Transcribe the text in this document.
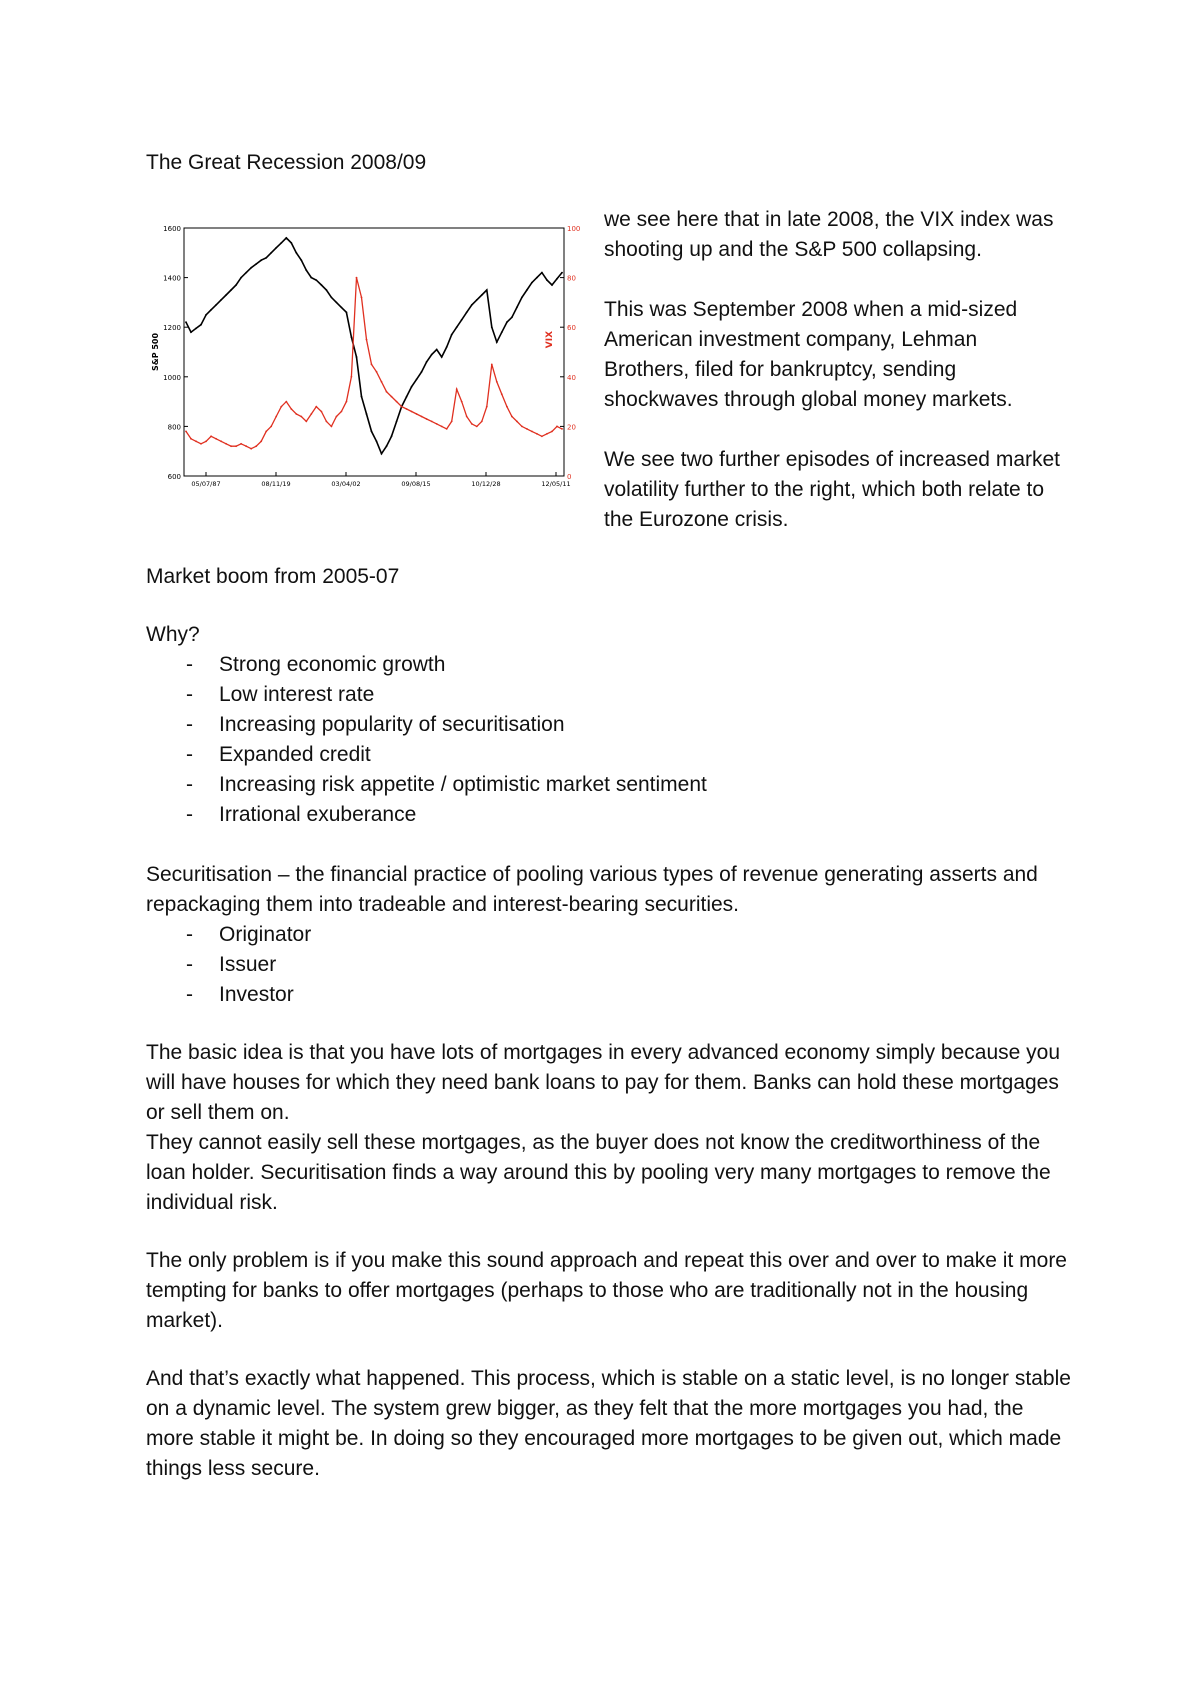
The Great Recession 2008/09

1600
1400
1200
1000
800
600
100
80
60
40
20
0
05/07/87	08/11/19	03/04/02	09/08/15	10/12/28	12/05/11
S&P 500	VIX

we see here that in late 2008, the VIX index was shooting up and the S&P 500 collapsing.

This was September 2008 when a mid-sized American investment company, Lehman Brothers, filed for bankruptcy, sending shockwaves through global money markets.

We see two further episodes of increased market volatility further to the right, which both relate to the Eurozone crisis.

Market boom from 2005-07

Why?

- Strong economic growth
- Low interest rate
- Increasing popularity of securitisation
- Expanded credit
- Increasing risk appetite / optimistic market sentiment
- Irrational exuberance

Securitisation – the financial practice of pooling various types of revenue generating asserts and repackaging them into tradeable and interest-bearing securities.

- Originator
- Issuer
- Investor

The basic idea is that you have lots of mortgages in every advanced economy simply because you will have houses for which they need bank loans to pay for them. Banks can hold these mortgages or sell them on.

They cannot easily sell these mortgages, as the buyer does not know the creditworthiness of the loan holder. Securitisation finds a way around this by pooling very many mortgages to remove the individual risk.

The only problem is if you make this sound approach and repeat this over and over to make it more tempting for banks to offer mortgages (perhaps to those who are traditionally not in the housing market).

And that’s exactly what happened. This process, which is stable on a static level, is no longer stable on a dynamic level. The system grew bigger, as they felt that the more mortgages you had, the more stable it might be. In doing so they encouraged more mortgages to be given out, which made things less secure.
